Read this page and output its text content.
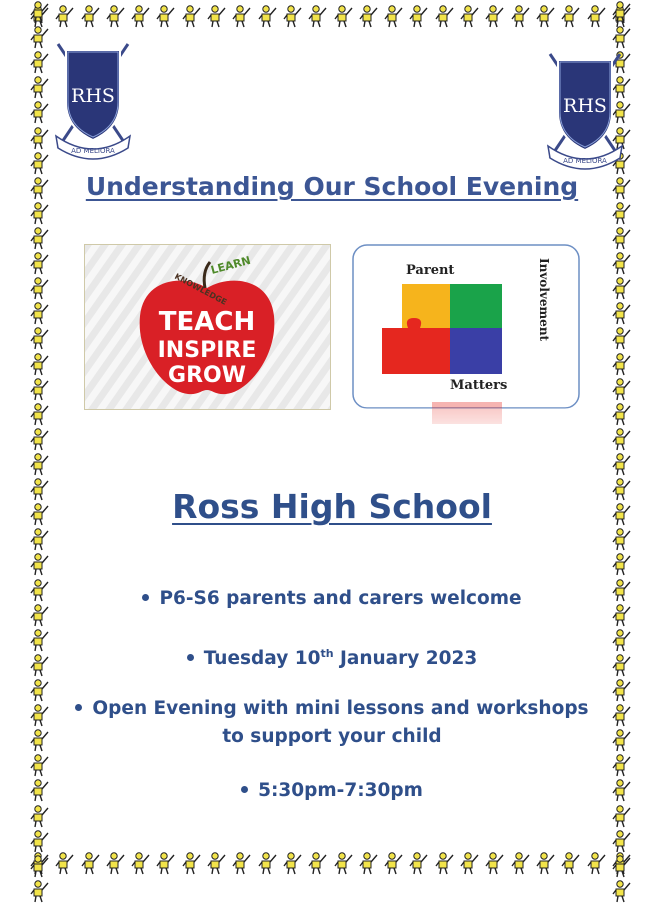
RHS
AD MELIORA
RHS
AD MELIORA
Understanding Our School Evening
KNOWLEDGE
LEARN
TEACH
INSPIRE
GROW
Parent	Involvement
Matters
Ross High School
P6-S6 parents and carers welcome
Tuesday 10th January 2023
Open Evening with mini lessons and workshops
to support your child
5:30pm-7:30pm
